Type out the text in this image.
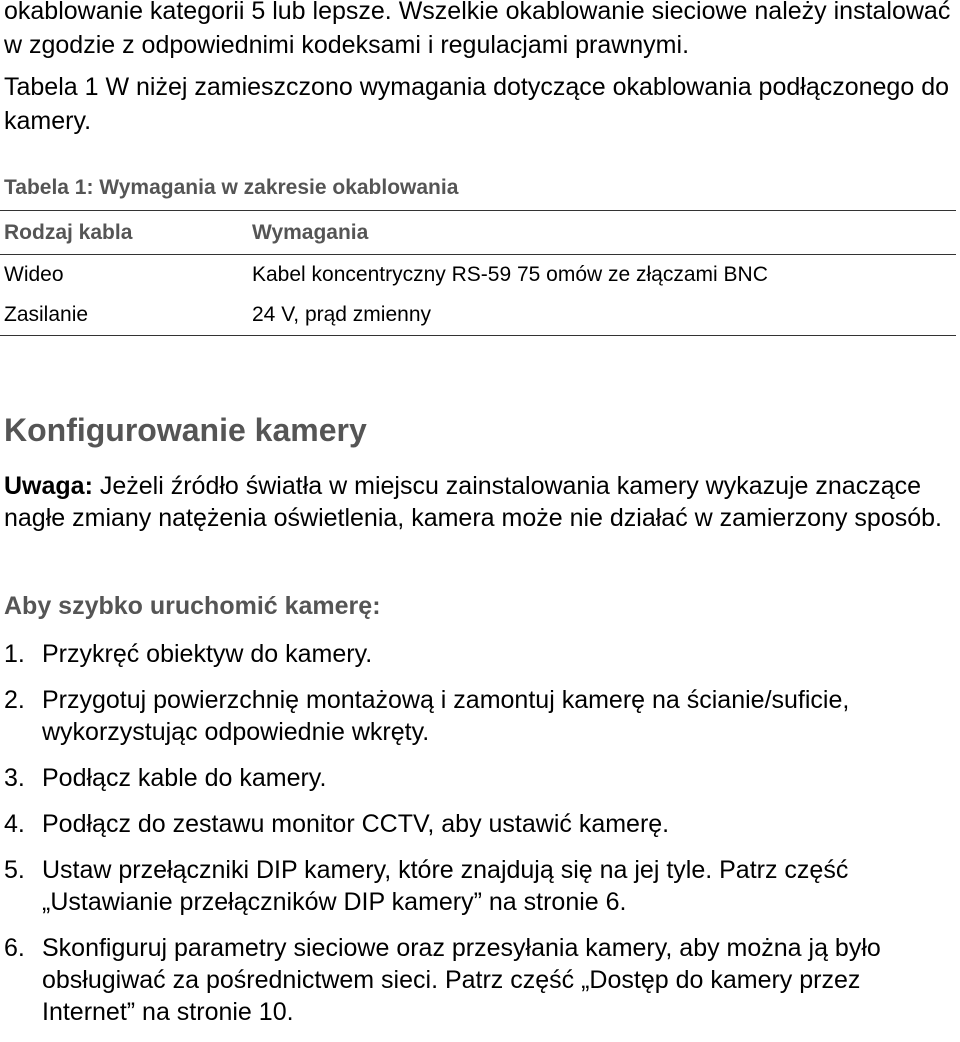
okablowanie kategorii 5 lub lepsze. Wszelkie okablowanie sieciowe należy instalować w zgodzie z odpowiednimi kodeksami i regulacjami prawnymi.

Tabela 1 W niżej zamieszczono wymagania dotyczące okablowania podłączonego do kamery.

Tabela 1: Wymagania w zakresie okablowania

Rodzaj kabla	Wymagania
Wideo	Kabel koncentryczny RS-59 75 omów ze złączami BNC
Zasilanie	24 V, prąd zmienny
Konfigurowanie kamery

Uwaga: Jeżeli źródło światła w miejscu zainstalowania kamery wykazuje znaczące nagłe zmiany natężenia oświetlenia, kamera może nie działać w zamierzony sposób.

Aby szybko uruchomić kamerę:

1. Przykręć obiektyw do kamery.
2. Przygotuj powierzchnię montażową i zamontuj kamerę na ścianie/suficie, wykorzystując odpowiednie wkręty.
3. Podłącz kable do kamery.
4. Podłącz do zestawu monitor CCTV, aby ustawić kamerę.
5. Ustaw przełączniki DIP kamery, które znajdują się na jej tyle. Patrz część „Ustawianie przełączników DIP kamery” na stronie 6.
6. Skonfiguruj parametry sieciowe oraz przesyłania kamery, aby można ją było obsługiwać za pośrednictwem sieci. Patrz część „Dostęp do kamery przez Internet” na stronie 10.
